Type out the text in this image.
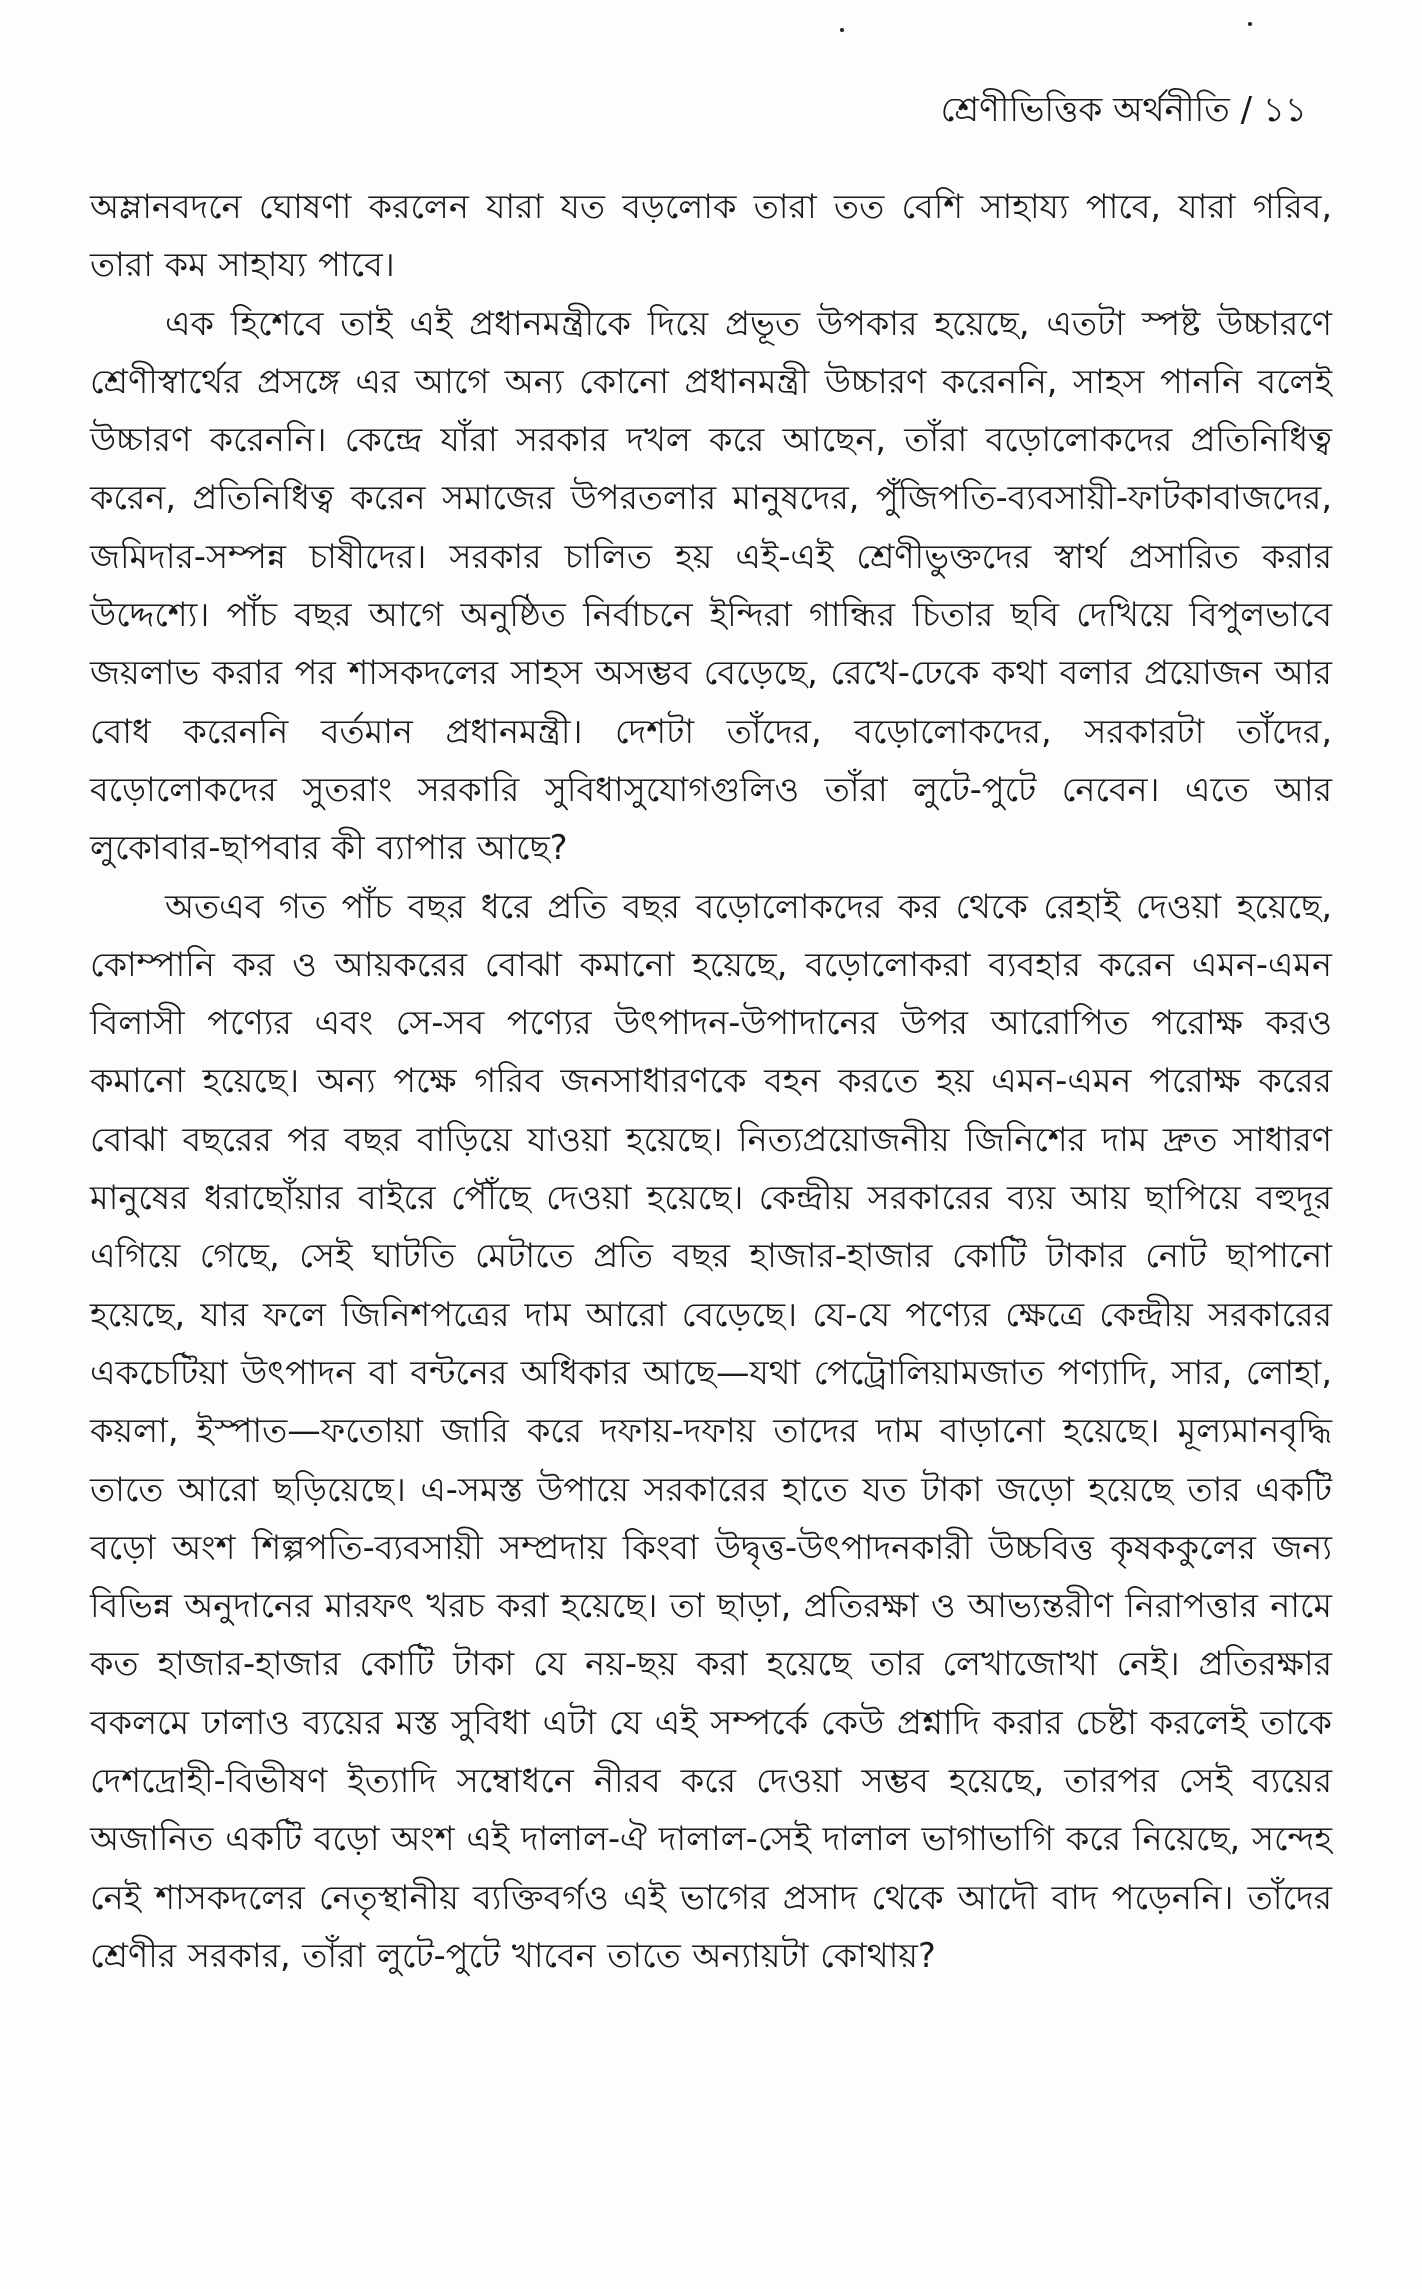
শ্রেণীভিত্তিক অর্থনীতি / ১১

অম্লানবদনে ঘোষণা করলেন যারা যত বড়লোক তারা তত বেশি সাহায্য পাবে, যারা গরিব, তারা কম সাহায্য পাবে।

এক হিশেবে তাই এই প্রধানমন্ত্রীকে দিয়ে প্রভূত উপকার হয়েছে, এতটা স্পষ্ট উচ্চারণে শ্রেণীস্বার্থের প্রসঙ্গে এর আগে অন্য কোনো প্রধানমন্ত্রী উচ্চারণ করেননি, সাহস পাননি বলেই উচ্চারণ করেননি। কেন্দ্রে যাঁরা সরকার দখল করে আছেন, তাঁরা বড়োলোকদের প্রতিনিধিত্ব করেন, প্রতিনিধিত্ব করেন সমাজের উপরতলার মানুষদের, পুঁজিপতি-ব্যবসায়ী-ফাটকাবাজদের, জমিদার-সম্পন্ন চাষীদের। সরকার চালিত হয় এই-এই শ্রেণীভুক্তদের স্বার্থ প্রসারিত করার উদ্দেশ্যে। পাঁচ বছর আগে অনুষ্ঠিত নির্বাচনে ইন্দিরা গান্ধির চিতার ছবি দেখিয়ে বিপুলভাবে জয়লাভ করার পর শাসকদলের সাহস অসম্ভব বেড়েছে, রেখে-ঢেকে কথা বলার প্রয়োজন আর বোধ করেননি বর্তমান প্রধানমন্ত্রী। দেশটা তাঁদের, বড়োলোকদের, সরকারটা তাঁদের, বড়োলোকদের সুতরাং সরকারি সুবিধাসুযোগগুলিও তাঁরা লুটে-পুটে নেবেন। এতে আর লুকোবার-ছাপবার কী ব্যাপার আছে?

অতএব গত পাঁচ বছর ধরে প্রতি বছর বড়োলোকদের কর থেকে রেহাই দেওয়া হয়েছে, কোম্পানি কর ও আয়করের বোঝা কমানো হয়েছে, বড়োলোকরা ব্যবহার করেন এমন-এমন বিলাসী পণ্যের এবং সে-সব পণ্যের উৎপাদন-উপাদানের উপর আরোপিত পরোক্ষ করও কমানো হয়েছে। অন্য পক্ষে গরিব জনসাধারণকে বহন করতে হয় এমন-এমন পরোক্ষ করের বোঝা বছরের পর বছর বাড়িয়ে যাওয়া হয়েছে। নিত্যপ্রয়োজনীয় জিনিশের দাম দ্রুত সাধারণ মানুষের ধরাছোঁয়ার বাইরে পৌঁছে দেওয়া হয়েছে। কেন্দ্রীয় সরকারের ব্যয় আয় ছাপিয়ে বহুদূর এগিয়ে গেছে, সেই ঘাটতি মেটাতে প্রতি বছর হাজার-হাজার কোটি টাকার নোট ছাপানো হয়েছে, যার ফলে জিনিশপত্রের দাম আরো বেড়েছে। যে-যে পণ্যের ক্ষেত্রে কেন্দ্রীয় সরকারের একচেটিয়া উৎপাদন বা বন্টনের অধিকার আছে—যথা পেট্রোলিয়ামজাত পণ্যাদি, সার, লোহা, কয়লা, ইস্পাত—ফতোয়া জারি করে দফায়-দফায় তাদের দাম বাড়ানো হয়েছে। মূল্যমানবৃদ্ধি তাতে আরো ছড়িয়েছে। এ-সমস্ত উপায়ে সরকারের হাতে যত টাকা জড়ো হয়েছে তার একটি বড়ো অংশ শিল্পপতি-ব্যবসায়ী সম্প্রদায় কিংবা উদ্বৃত্ত-উৎপাদনকারী উচ্চবিত্ত কৃষককুলের জন্য বিভিন্ন অনুদানের মারফৎ খরচ করা হয়েছে। তা ছাড়া, প্রতিরক্ষা ও আভ্যন্তরীণ নিরাপত্তার নামে কত হাজার-হাজার কোটি টাকা যে নয়-ছয় করা হয়েছে তার লেখাজোখা নেই। প্রতিরক্ষার বকলমে ঢালাও ব্যয়ের মস্ত সুবিধা এটা যে এই সম্পর্কে কেউ প্রশ্নাদি করার চেষ্টা করলেই তাকে দেশদ্রোহী-বিভীষণ ইত্যাদি সম্বোধনে নীরব করে দেওয়া সম্ভব হয়েছে, তারপর সেই ব্যয়ের অজানিত একটি বড়ো অংশ এই দালাল-ঐ দালাল-সেই দালাল ভাগাভাগি করে নিয়েছে, সন্দেহ নেই শাসকদলের নেতৃস্থানীয় ব্যক্তিবর্গও এই ভাগের প্রসাদ থেকে আদৌ বাদ পড়েননি। তাঁদের শ্রেণীর সরকার, তাঁরা লুটে-পুটে খাবেন তাতে অন্যায়টা কোথায়?
